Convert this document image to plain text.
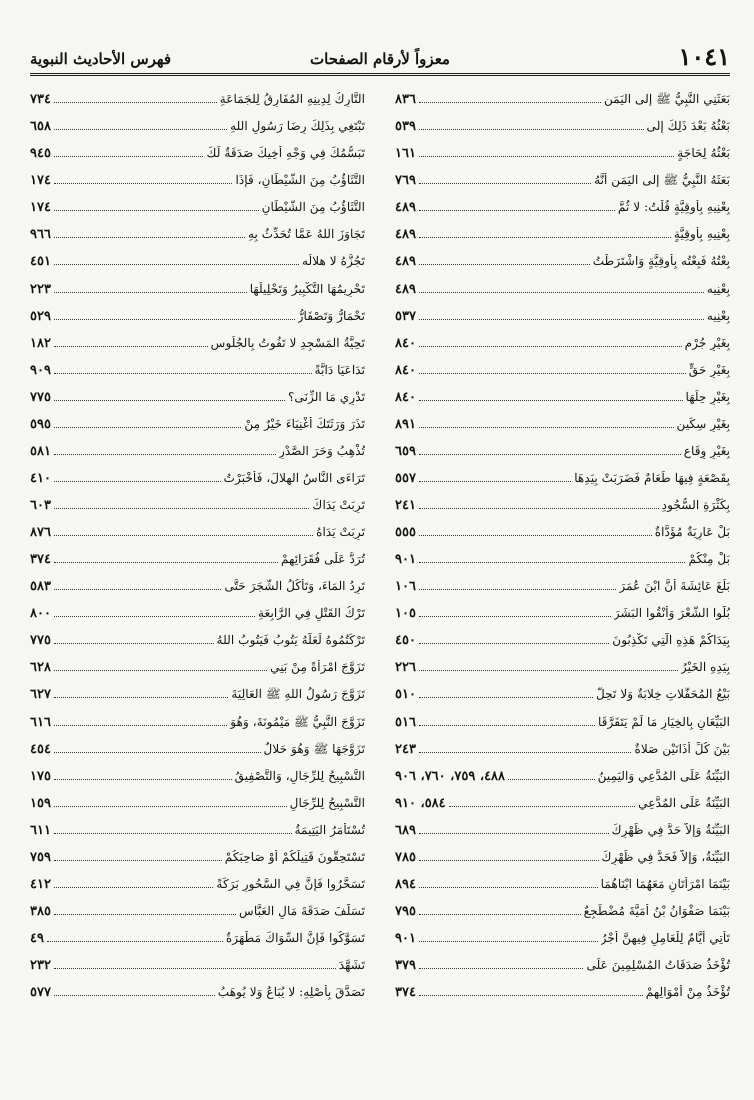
١٠٤١
معزواً لأرقام الصفحات
فهرس الأحاديث النبوية
بَعَثَنِي النَّبِيُّ ﷺ إلى اليَمَن
٨٣٦
بَعْثُهُ بَعْدَ ذَلِكَ إِلى
٥٣٩
بَعْثُهُ لِحَاجَةٍ
١٦١
بَعَثَهُ النَّبِيُّ ﷺ إلى اليَمَنِ أنَّهُ
٧٦٩
بِعْنِيهِ بِأُوقِيَّةٍ قُلْتُ: لا ثُمَّ
٤٨٩
بِعْنِيهِ بِأُوقِيَّةٍ
٤٨٩
بِعْتُهُ فَبِعْتُه بِأُوقِيَّةٍ وَاشْتَرَطْتُ
٤٨٩
بِعْنِيه
٤٨٩
بِعْنِيه
٥٣٧
بِغَيْرِ جُرْمٍ
٨٤٠
بِغَيْرِ حَقٍّ
٨٤٠
بِغَيْرِ حِلِّهَا
٨٤٠
بِغَيْرِ سِكِّينٍ
٨٩١
بِغَيْرِ وِقَاعٍ
٦٥٩
بِقَصْعَةٍ فِيهَا طَعَامٌ فَضَرَبَتْ بِيَدِهَا
٥٥٧
بِكَثْرَةِ السُّجُودِ
٢٤١
بَلْ عَارِيَةٌ مُؤَدَّاةٌ
٥٥٥
بَلْ مِنْكُمْ
٩٠١
بَلَغَ عَائِشَةَ أَنَّ ابْنَ عُمَرَ
١٠٦
بُلُّوا الشَّعْرَ وَأَنْقُوا البَشَرَ
١٠٥
بِيَدَاكُمْ هَذِهِ الَّتِي تَكْذِبُونَ
٤٥٠
بِيَدِهِ الخَيْرُ
٢٢٦
بَيْعُ المُحَفَّلاتِ خِلابَةٌ وَلا تَحِلُّ
٥١٠
البَيِّعَانِ بِالخِيَارِ مَا لَمْ يَتَفَرَّقَا
٥١٦
بَيْنَ كُلِّ أَذَانَيْنِ صَلاةٌ
٢٤٣
البَيِّنَةُ عَلَى المُدَّعِي وَاليَمِينُ
٤٨٨، ٧٥٩، ٧٦٠، ٩٠٦
البَيِّنَةُ عَلَى المُدَّعِي
٥٨٤، ٩١٠
البَيِّنَةُ وَإِلاَّ حَدٌّ فِي ظَهْرِكَ
٦٨٩
البَيِّنَةُ، وَإِلاَّ فَحَدٌّ فِي ظَهْرِكَ
٧٨٥
بَيْنَمَا امْرَأَتَانِ مَعَهُمَا ابْنَاهُمَا
٨٩٤
بَيْنَمَا صَفْوَانُ بْنُ أُمَيَّةَ مُضْطَجِعٌ
٧٩٥
تَأْتِي أَيَّامٌ لِلْعَامِلِ فِيهِنَّ أَجْرُ
٩٠١
تُؤْخَذُ صَدَقَاتُ المُسْلِمِينَ عَلَى
٣٧٩
تُؤْخَذُ مِنْ أَمْوَالِهِمْ
٣٧٤
التَّارِكُ لِدِينِهِ المُفَارِقُ لِلجَمَاعَةِ
٧٣٤
تَبْتَغِي بِذَلِكَ رِضَا رَسُولِ اللهِ
٦٥٨
تَبَسُّمُكَ فِي وَجْهِ أَخِيكَ صَدَقَةٌ لَكَ
٩٤٥
التَّثَاؤُبُ مِنَ الشَّيْطَانِ، فَإِذَا
١٧٤
التَّثَاؤُبُ مِنَ الشَّيْطَانِ
١٧٤
تَجَاوَزَ اللهُ عَمَّا تُحَدِّثُ بِهِ
٩٦٦
تَجُزُّهُ لا هلالُه
٤٥١
تَحْرِيمُهَا التَّكْبِيرُ وَتَحْلِيلُهَا
٢٢٣
تَحْمَارُّ وَتَصْفَارُّ
٥٢٩
تَحِيَّةُ المَسْجِدِ لا تَفُوتُ بِالجُلُوسِ
١٨٢
تَدَاعَيَا دَابَّةً
٩٠٩
تَدْرِي مَا الزِّنَى؟
٧٧٥
تَذَرَ وَرَثَتَكَ أَغْنِيَاءَ خَيْرٌ مِنْ
٥٩٥
تُذْهِبُ وَحَرَ الصَّدْرِ
٥٨١
تَرَاءَى النَّاسُ الهِلالَ، فَأَخْبَرْتُ
٤١٠
تَرِبَتْ يَدَاكَ
٦٠٣
تَرِبَتْ يَدَاهُ
٨٧٦
تُرَدُّ عَلَى فُقَرَائِهِمْ
٣٧٤
تَرِدُ المَاءَ، وَتَأْكُلُ الشَّجَرَ حَتَّى
٥٨٣
تَرْكُ القَتْلِ فِي الرَّابِعَةِ
٨٠٠
تَرْكَتُمُوهُ لَعَلَّهُ يَتُوبُ فَيَتُوبُ اللهُ
٧٧٥
تَزَوَّجَ امْرَأَةً مِنْ بَنِي
٦٢٨
تَزَوَّجَ رَسُولُ اللهِ ﷺ العَالِيَةَ
٦٢٧
تَزَوَّجَ النَّبِيُّ ﷺ مَيْمُونَةَ، وَهُوَ
٦١٦
تَزَوَّجَهَا ﷺ وَهُوَ حَلالٌ
٤٥٤
التَّسْبِيحُ لِلرِّجَالِ، وَالتَّصْفِيقُ
١٧٥
التَّسْبِيحُ لِلرِّجَالِ
١٥٩
تُسْتَأْمَرُ اليَتِيمَةُ
٦١١
تَسْتَحِقُّونَ قَتِيلَكُمْ أَوْ صَاحِبَكُمْ
٧٥٩
تَسَحَّرُوا فَإِنَّ فِي السَّحُورِ بَرَكَةً
٤١٢
تَسَلَّفَ صَدَقَةَ مَالِ العَبَّاسِ
٣٨٥
تَسَوَّكُوا فَإِنَّ السِّوَاكَ مَطْهَرَةٌ
٤٩
تَشَهَّدَ
٢٣٢
تَصَدَّقَ بِأَصْلِهِ: لا يُبَاعُ وَلا يُوهَبُ
٥٧٧
